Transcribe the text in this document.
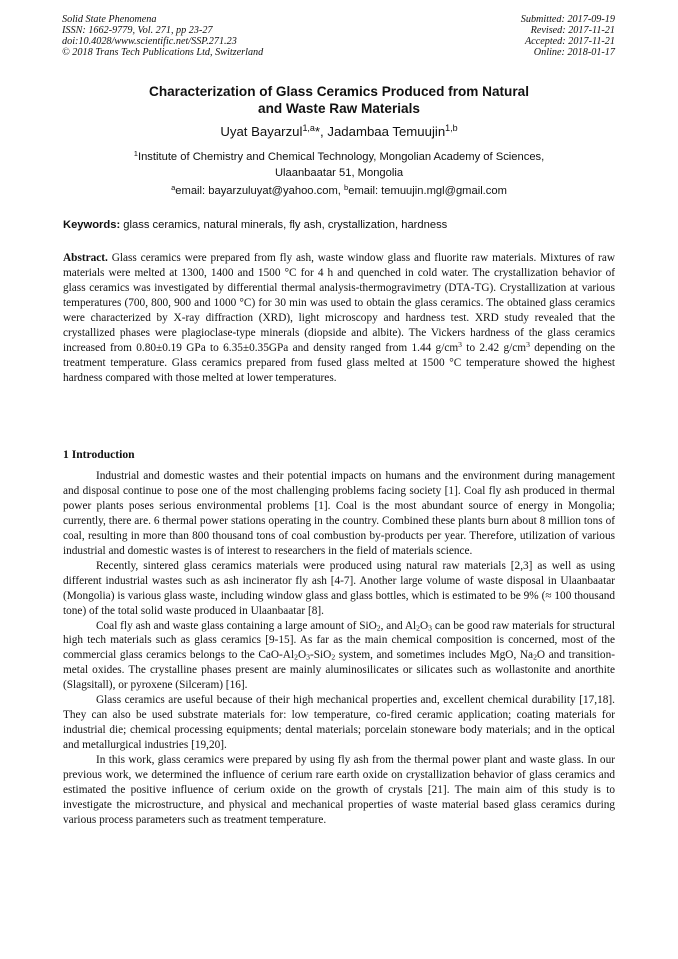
Solid State Phenomena
ISSN: 1662-9779, Vol. 271, pp 23-27
doi:10.4028/www.scientific.net/SSP.271.23
© 2018 Trans Tech Publications Ltd, Switzerland
Submitted: 2017-09-19
Revised: 2017-11-21
Accepted: 2017-11-21
Online: 2018-01-17
Characterization of Glass Ceramics Produced from Natural
and Waste Raw Materials
Uyat Bayarzul$^{1,a}$*, Jadambaa Temuujin$^{1,b}$
$^1$Institute of Chemistry and Chemical Technology, Mongolian Academy of Sciences,
Ulaanbaatar 51, Mongolia
$^a$email: bayarzuluyat@yahoo.com, $^b$email: temuujin.mgl@gmail.com
Keywords: glass ceramics, natural minerals, fly ash, crystallization, hardness
Abstract. Glass ceramics were prepared from fly ash, waste window glass and fluorite raw materials. Mixtures of raw materials were melted at 1300, 1400 and 1500 °C for 4 h and quenched in cold water. The crystallization behavior of glass ceramics was investigated by differential thermal analysis-thermogravimetry (DTA-TG). Crystallization at various temperatures (700, 800, 900 and 1000 °C) for 30 min was used to obtain the glass ceramics. The obtained glass ceramics were characterized by X-ray diffraction (XRD), light microscopy and hardness test. XRD study revealed that the crystallized phases were plagioclase-type minerals (diopside and albite). The Vickers hardness of the glass ceramics increased from 0.80±0.19 GPa to 6.35±0.35GPa and density ranged from 1.44 $g/cm^3$ to 2.42 $g/cm^3$ depending on the treatment temperature. Glass ceramics prepared from fused glass melted at 1500 °C temperature showed the highest hardness compared with those melted at lower temperatures.
1 Introduction

Industrial and domestic wastes and their potential impacts on humans and the environment during management and disposal continue to pose one of the most challenging problems facing society [1]. Coal fly ash produced in thermal power plants poses serious environmental problems [1]. Coal is the most abundant source of energy in Mongolia; currently, there are. 6 thermal power stations operating in the country. Combined these plants burn about 8 million tons of coal, resulting in more than 800 thousand tons of coal combustion by-products per year. Therefore, utilization of various industrial and domestic wastes is of interest to researchers in the field of materials science.

Recently, sintered glass ceramics materials were produced using natural raw materials [2,3] as well as using different industrial wastes such as ash incinerator fly ash [4-7]. Another large volume of waste disposal in Ulaanbaatar (Mongolia) is various glass waste, including window glass and glass bottles, which is estimated to be 9% (≈ 100 thousand tone) of the total solid waste produced in Ulaanbaatar [8].

Coal fly ash and waste glass containing a large amount of SiO$_2$, and $Al_2O_3$ can be good raw materials for structural high tech materials such as glass ceramics [9-15]. As far as the main chemical composition is concerned, most of the commercial glass ceramics belongs to the CaO-$Al_2O_3-SiO_2$ system, and sometimes includes MgO, $Na_2O$ and transition-metal oxides. The crystalline phases present are mainly aluminosilicates or silicates such as wollastonite and anorthite (Slagsitall), or pyroxene (Silceram) [16].

Glass ceramics are useful because of their high mechanical properties and, excellent chemical durability [17,18]. They can also be used substrate materials for: low temperature, co-fired ceramic application; coating materials for industrial die; chemical processing equipments; dental materials; porcelain stoneware body materials; and in the optical and metallurgical industries [19,20].

In this work, glass ceramics were prepared by using fly ash from the thermal power plant and waste glass. In our previous work, we determined the influence of cerium rare earth oxide on crystallization behavior of glass ceramics and estimated the positive influence of cerium oxide on the growth of crystals [21]. The main aim of this study is to investigate the microstructure, and physical and mechanical properties of waste material based glass ceramics during various process parameters such as treatment temperature.
